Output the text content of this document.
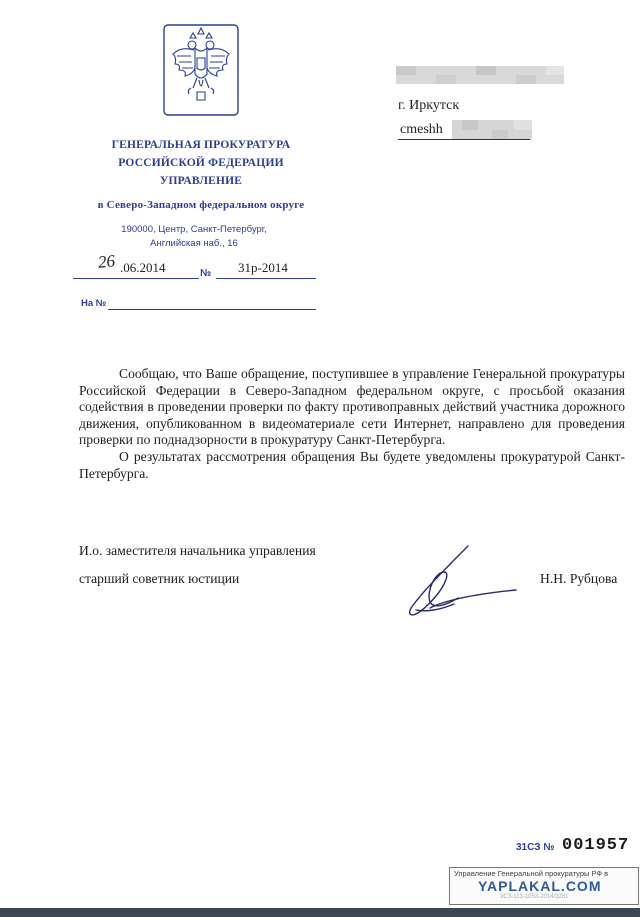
ГЕНЕРАЛЬНАЯ ПРОКУРАТУРА
РОССИЙСКОЙ ФЕДЕРАЦИИ
УПРАВЛЕНИЕ
в Северо-Западном федеральном округе
190000, Центр, Санкт-Петербург,
Английская наб., 16
26 .06.2014	№ 31р-2014
На №
г. Иркутск
cmeshh

Сообщаю, что Ваше обращение, поступившее в управление Генеральной прокуратуры Российской Федерации в Северо-Западном федеральном округе, с просьбой оказания содействия в проведении проверки по факту противоправных действий участника дорожного движения, опубликованном в видеоматериале сети Интернет, направлено для проведения проверки по поднадзорности в прокуратуру Санкт-Петербурга.

О результатах рассмотрения обращения Вы будете уведомлены прокуратурой Санкт-Петербурга.

И.о. заместителя начальника управления
старший советник юстиции	Н.Н. Рубцова
31СЗ № 001957
Управление Генеральной прокуратуры РФ в
YAPLAKAL.COM
3СЗ-113-1053-2014/3281
